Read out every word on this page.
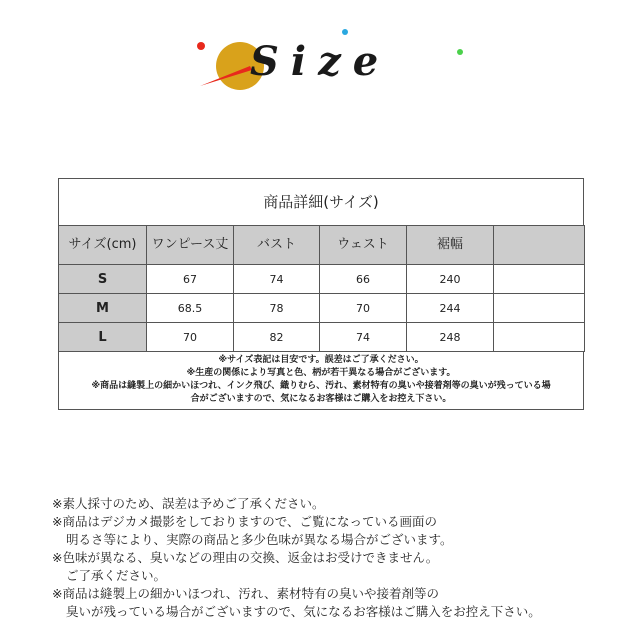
Size
商品詳細(サイズ)
サイズ(cm)	ワンピース丈	バスト	ウェスト	裾幅	
S	67	74	66	240	
M	68.5	78	70	244	
L	70	82	74	248	
※サイズ表記は目安です。誤差はご了承ください。
※生産の関係により写真と色、柄が若干異なる場合がございます。
※商品は縫製上の細かいほつれ、インク飛び、織りむら、汚れ、素材特有の臭いや接着剤等の臭いが残っている場
合がございますので、気になるお客様はご購入をお控え下さい。
※素人採寸のため、誤差は予めご了承ください。
※商品はデジカメ撮影をしておりますので、ご覧になっている画面の
明るさ等により、実際の商品と多少色味が異なる場合がございます。
※色味が異なる、臭いなどの理由の交換、返金はお受けできません。
ご了承ください。
※商品は縫製上の細かいほつれ、汚れ、素材特有の臭いや接着剤等の
臭いが残っている場合がございますので、気になるお客様はご購入をお控え下さい。
